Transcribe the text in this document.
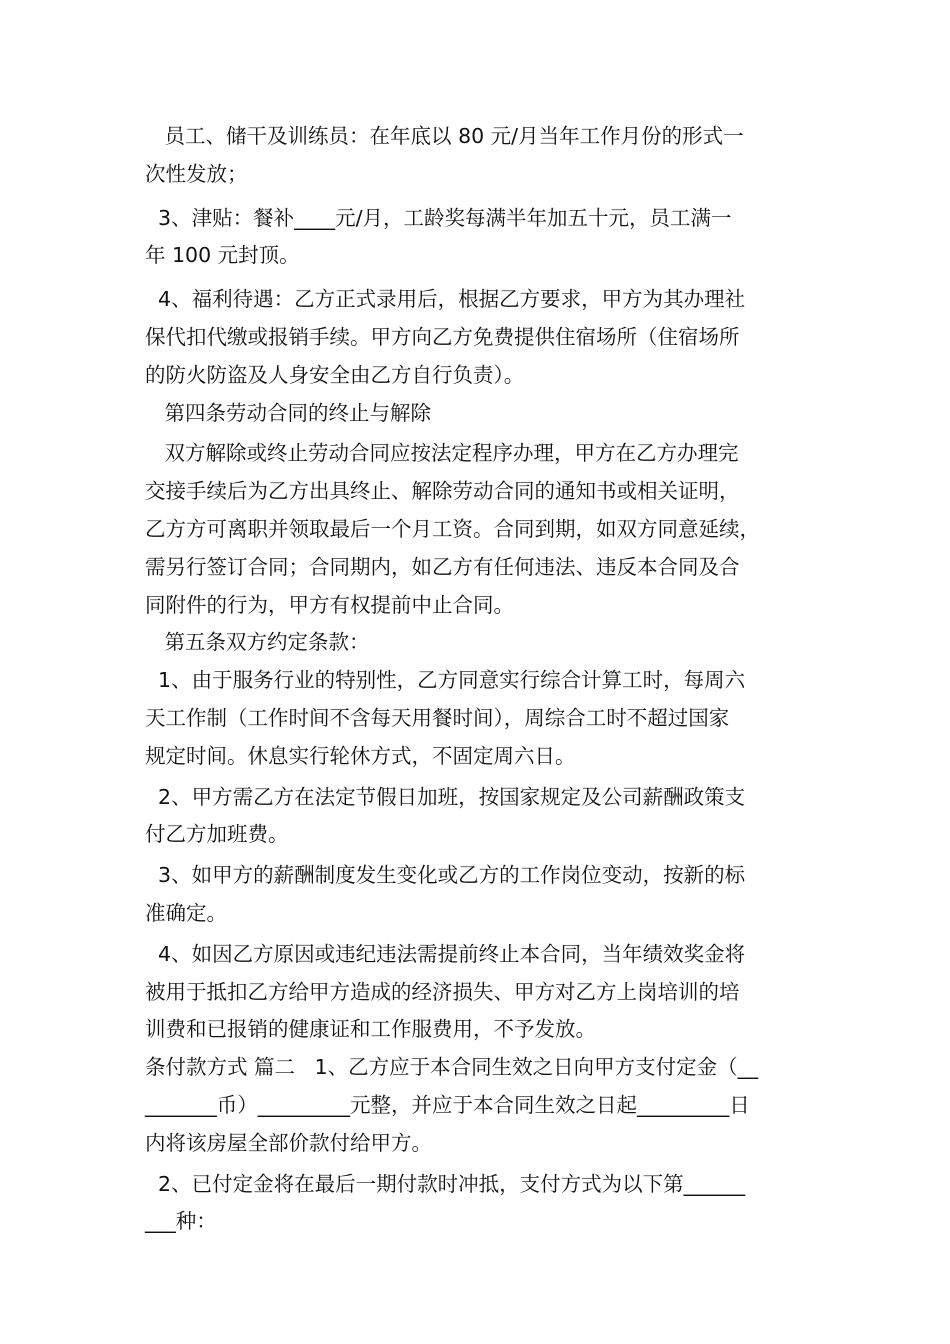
员工、储干及训练员：在年底以 80 元/月当年工作月份的形式一
次性发放；

3、津贴：餐补____元/月，工龄奖每满半年加五十元，员工满一
年 100 元封顶。

4、福利待遇：乙方正式录用后，根据乙方要求，甲方为其办理社
保代扣代缴或报销手续。甲方向乙方免费提供住宿场所（住宿场所
的防火防盗及人身安全由乙方自行负责）。

第四条劳动合同的终止与解除

双方解除或终止劳动合同应按法定程序办理，甲方在乙方办理完
交接手续后为乙方出具终止、解除劳动合同的通知书或相关证明，
乙方方可离职并领取最后一个月工资。合同到期，如双方同意延续，
需另行签订合同；合同期内，如乙方有任何违法、违反本合同及合
同附件的行为，甲方有权提前中止合同。

第五条双方约定条款：

1、由于服务行业的特别性，乙方同意实行综合计算工时，每周六
天工作制（工作时间不含每天用餐时间），周综合工时不超过国家
规定时间。休息实行轮休方式，不固定周六日。

2、甲方需乙方在法定节假日加班，按国家规定及公司薪酬政策支
付乙方加班费。

3、如甲方的薪酬制度发生变化或乙方的工作岗位变动，按新的标
准确定。

4、如因乙方原因或违纪违法需提前终止本合同，当年绩效奖金将
被用于抵扣乙方给甲方造成的经济损失、甲方对乙方上岗培训的培
训费和已报销的健康证和工作服费用，不予发放。

条付款方式 篇二   1、乙方应于本合同生效之日向甲方支付定金（__
_______币）_________元整，并应于本合同生效之日起_________日
内将该房屋全部价款付给甲方。

2、已付定金将在最后一期付款时冲抵，支付方式为以下第______
___种：
